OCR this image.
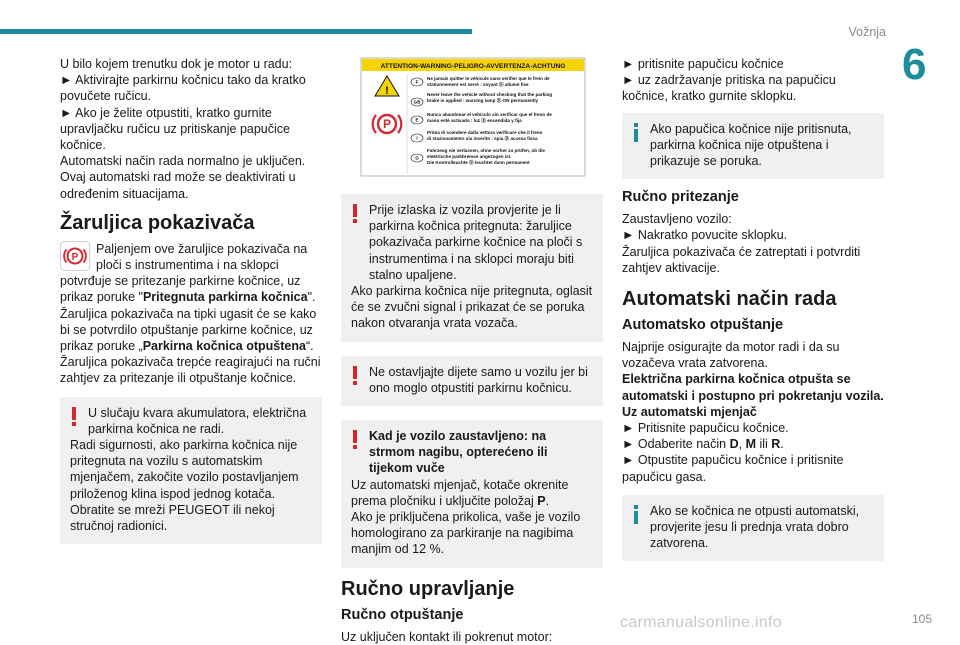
Vožnja
6
105
carmanualsonline.info

U bilo kojem trenutku dok je motor u radu:

► Aktivirajte parkirnu kočnicu tako da kratko povučete ručicu.

► Ako je želite otpustiti, kratko gurnite upravljačku ručicu uz pritiskanje papučice kočnice.

Automatski način rada normalno je uključen.

Ovaj automatski rad može se deaktivirati u određenim situacijama.

Žaruljica pokazivača
P

Paljenjem ove žaruljice pokazivača na ploči s instrumentima i na sklopci potvrđuje se pritezanje parkirne kočnice, uz prikaz poruke "Pritegnuta parkirna kočnica".

Žaruljica pokazivača na tipki ugasit će se kako bi se potvrdilo otpuštanje parkirne kočnice, uz prikaz poruke „Parkirna kočnica otpuštena“.

Žaruljica pokazivača trepće reagirajući na ručni zahtjev za pritezanje ili otpuštanje kočnice.

U slučaju kvara akumulatora, električna parkirna kočnica ne radi.

Radi sigurnosti, ako parkirna kočnica nije pritegnuta na vozilu s automatskim mjenjačem, zakočite vozilo postavljanjem priloženog klina ispod jednog kotača.

Obratite se mreži PEUGEOT ili nekoj stručnoj radionici.

ATTENTION-WARNING-PELIGRO-AVVERTENZA-ACHTUNG
!
P
F
Ne jamais quitter le véhicule sans vérifier que le frein de
stationnement est serré : voyant ⓟ allumé fixe
GB
Never leave the vehicle without checking that the parking
brake is applied : warning lamp ⓟ ON permanently
E
Nunca abandonar el vehículo sin verificar que el freno de
mano esté activado : luz ⓟ encendida y fija
I
Prima di scendere dalla vettura verificare che il freno
di stazionamento sia inserito : spia ⓟ accesa fissa
D
Fahrzeug nie verlassen, ohne vorher zu prüfen, ob die
elektrische parkbremse angezogen ist.
Die Kontrolleuchte ⓟ leuchtet dann permanent

Prije izlaska iz vozila provjerite je li parkirna kočnica pritegnuta: žaruljice pokazivača parkirne kočnice na ploči s instrumentima i na sklopci moraju biti stalno upaljene.

Ako parkirna kočnica nije pritegnuta, oglasit će se zvučni signal i prikazat će se poruka nakon otvaranja vrata vozača.

Ne ostavljajte dijete samo u vozilu jer bi ono moglo otpustiti parkirnu kočnicu.

Kad je vozilo zaustavljeno: na strmom nagibu, opterećeno ili tijekom vuče

Uz automatski mjenjač, kotače okrenite prema pločniku i uključite položaj P.

Ako je priključena prikolica, vaše je vozilo homologirano za parkiranje na nagibima manjim od 12 %.

Ručno upravljanje
Ručno otpuštanje

Uz uključen kontakt ili pokrenut motor:

► pritisnite papučicu kočnice

► uz zadržavanje pritiska na papučicu kočnice, kratko gurnite sklopku.

Ako papučica kočnice nije pritisnuta, parkirna kočnica nije otpuštena i prikazuje se poruka.

Ručno pritezanje

Zaustavljeno vozilo:

► Nakratko povucite sklopku.

Žaruljica pokazivača će zatreptati i potvrditi zahtjev aktivacije.

Automatski način rada
Automatsko otpuštanje

Najprije osigurajte da motor radi i da su vozačeva vrata zatvorena.

Električna parkirna kočnica otpušta se automatski i postupno pri pokretanju vozila.

Uz automatski mjenjač

► Pritisnite papučicu kočnice.

► Odaberite način D, M ili R.

► Otpustite papučicu kočnice i pritisnite papučicu gasa.

Ako se kočnica ne otpusti automatski, provjerite jesu li prednja vrata dobro zatvorena.
